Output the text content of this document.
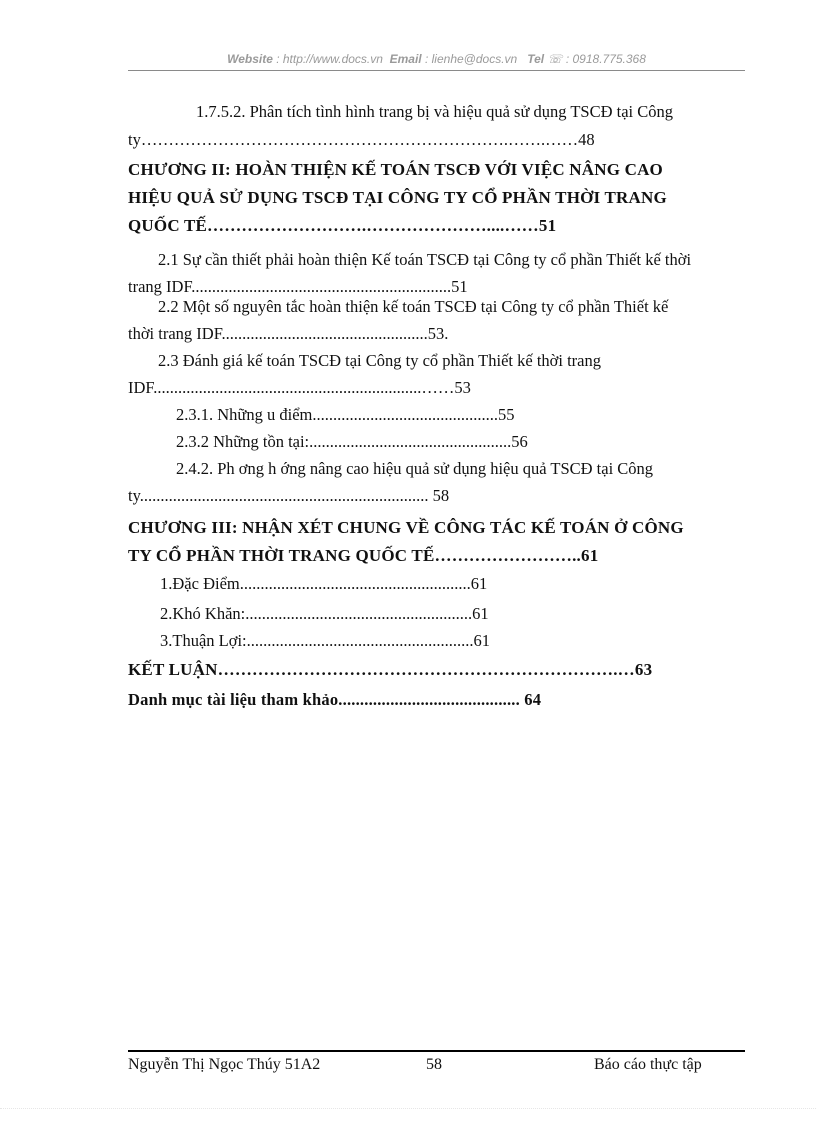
Website : http://www.docs.vn Email : lienhe@docs.vn Tel ☏ : 0918.775.368
1.7.5.2. Phân tích tình hình trang bị và hiệu quả sử dụng TSCĐ tại Công
ty………………………………………………………….…….……48
CHƯƠNG II: HOÀN THIỆN KẾ TOÁN TSCĐ VỚI VIỆC NÂNG CAO
HIỆU QUẢ SỬ DỤNG TSCĐ TẠI CÔNG TY CỔ PHẦN THỜI TRANG
QUỐC TẾ……………………….…………………....……51
2.1 Sự cần thiết phải hoàn thiện Kế toán TSCĐ tại Công ty cổ phần Thiết kế thời
trang IDF...............................................................51
2.2 Một số nguyên tắc hoàn thiện kế toán TSCĐ tại Công ty cổ phần Thiết kế
thời trang IDF..................................................53.
2.3 Đánh giá kế toán TSCĐ tại Công ty cổ phần Thiết kế thời trang
IDF.................................................................……53
2.3.1. Những u điểm.............................................55
2.3.2 Những tồn tại:.................................................56
2.4.2. Ph ơng h ớng nâng cao hiệu quả sử dụng hiệu quả TSCĐ tại Công
ty...................................................................... 58
CHƯƠNG III: NHẬN XÉT CHUNG VỀ CÔNG TÁC KẾ TOÁN Ở CÔNG
TY CỔ PHẦN THỜI TRANG QUỐC TẾ……………………..61
1.Đặc Điểm........................................................61
2.Khó Khăn:.......................................................61
3.Thuận Lợi:.......................................................61
KẾT LUẬN…………………………………………………………….…63
Danh mục tài liệu tham khảo.......................................... 64
Nguyễn Thị Ngọc Thúy 51A2	58	Báo cáo thực tập
